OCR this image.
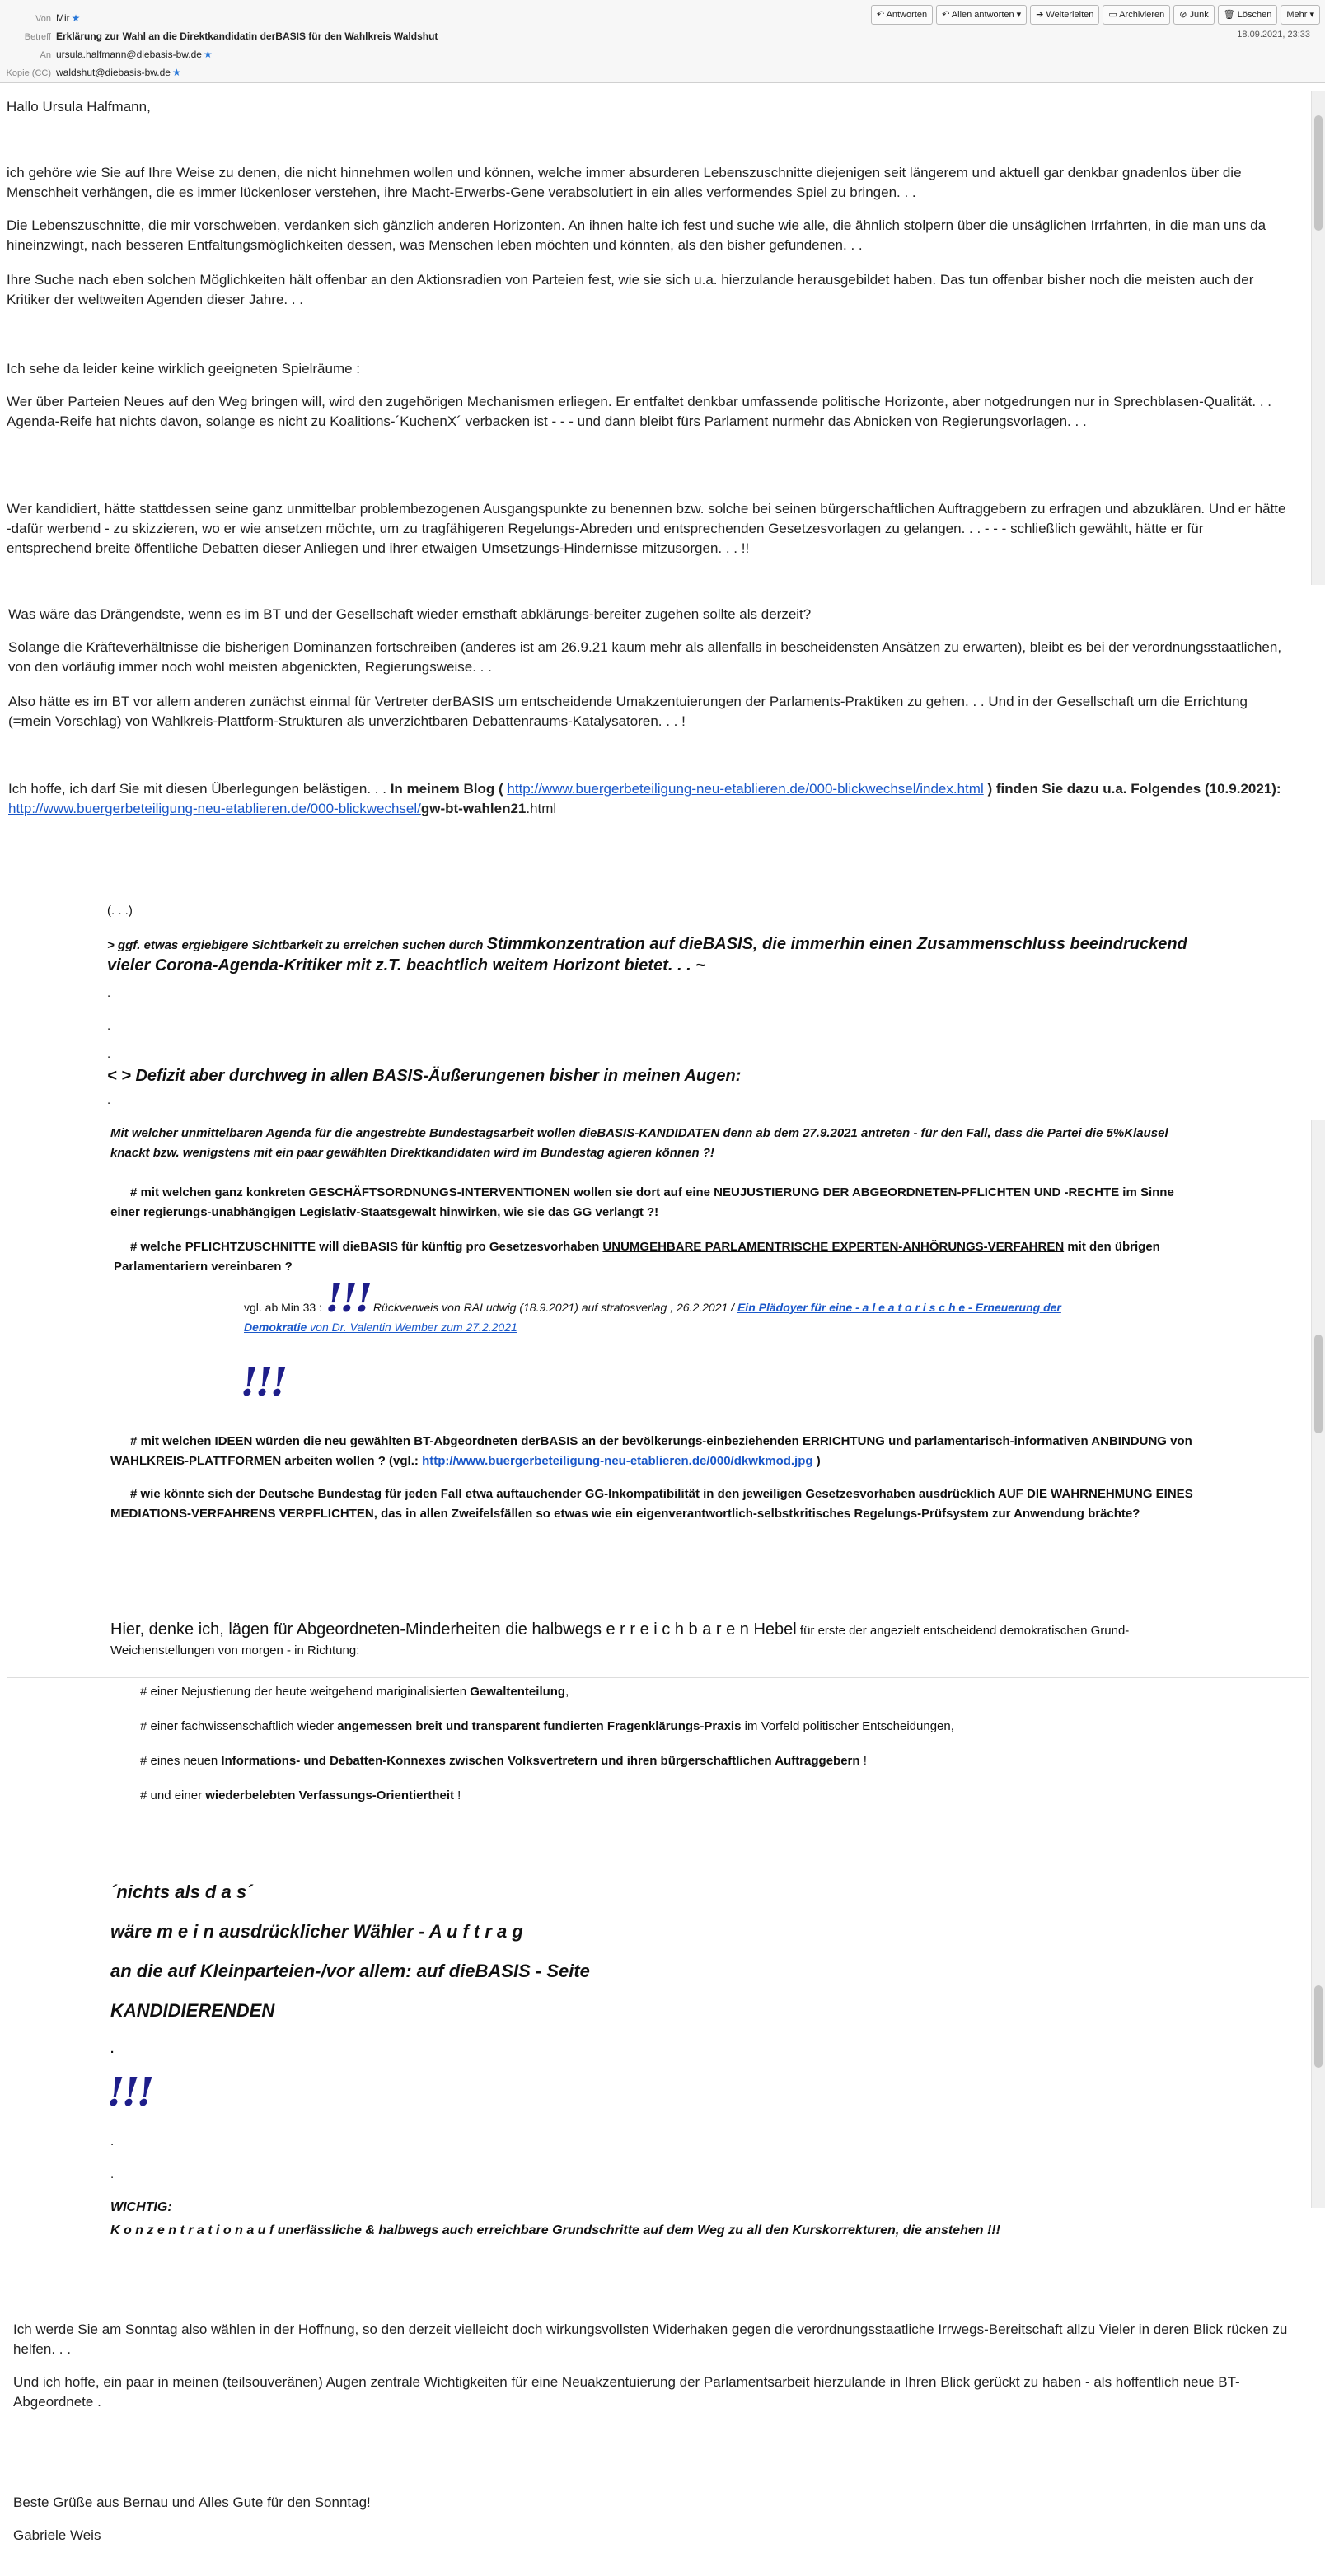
Von Mir ★
Betreff Erklärung zur Wahl an die Direktkandidatin derBASIS für den Wahlkreis Waldshut
An ursula.halfmann@diebasis-bw.de ★
Kopie (CC) waldshut@diebasis-bw.de ★
↶ Antworten	↶ Allen antworten ▾	➔ Weiterleiten	▭ Archivieren	⊘ Junk	🗑 Löschen	Mehr ▾
18.09.2021, 23:33
Hallo Ursula Halfmann,
ich gehöre wie Sie auf Ihre Weise zu denen, die nicht hinnehmen wollen und können, welche immer absurderen Lebenszuschnitte diejenigen seit längerem und aktuell gar denkbar gnadenlos über die Menschheit verhängen, die es immer lückenloser verstehen, ihre Macht-Erwerbs-Gene verabsolutiert in ein alles verformendes Spiel zu bringen. . .
Die Lebenszuschnitte, die mir vorschweben, verdanken sich gänzlich anderen Horizonten. An ihnen halte ich fest und suche wie alle, die ähnlich stolpern über die unsäglichen Irrfahrten, in die man uns da hineinzwingt, nach besseren Entfaltungsmöglichkeiten dessen, was Menschen leben möchten und könnten, als den bisher gefundenen. . .
Ihre Suche nach eben solchen Möglichkeiten hält offenbar an den Aktionsradien von Parteien fest, wie sie sich u.a. hierzulande herausgebildet haben. Das tun offenbar bisher noch die meisten auch der Kritiker der weltweiten Agenden dieser Jahre. . .
Ich sehe da leider keine wirklich geeigneten Spielräume :
Wer über Parteien Neues auf den Weg bringen will, wird den zugehörigen Mechanismen erliegen. Er entfaltet denkbar umfassende politische Horizonte, aber notgedrungen nur in Sprechblasen-Qualität. . . Agenda-Reife hat nichts davon, solange es nicht zu Koalitions-´KuchenX´ verbacken ist - - - und dann bleibt fürs Parlament nurmehr das Abnicken von Regierungsvorlagen. . .
Wer kandidiert, hätte stattdessen seine ganz unmittelbar problembezogenen Ausgangspunkte zu benennen bzw. solche bei seinen bürgerschaftlichen Auftraggebern zu erfragen und abzuklären. Und er hätte -dafür werbend - zu skizzieren, wo er wie ansetzen möchte, um zu tragfähigeren Regelungs-Abreden und entsprechenden Gesetzesvorlagen zu gelangen. . . - - - schließlich gewählt, hätte er für entsprechend breite öffentliche Debatten dieser Anliegen und ihrer etwaigen Umsetzungs-Hindernisse mitzusorgen. . . !!
Was wäre das Drängendste, wenn es im BT und der Gesellschaft wieder ernsthaft abklärungs-bereiter zugehen sollte als derzeit?
Solange die Kräfteverhältnisse die bisherigen Dominanzen fortschreiben (anderes ist am 26.9.21 kaum mehr als allenfalls in bescheidensten Ansätzen zu erwarten), bleibt es bei der verordnungsstaatlichen, von den vorläufig immer noch wohl meisten abgenickten, Regierungsweise. . .
Also hätte es im BT vor allem anderen zunächst einmal für Vertreter derBASIS um entscheidende Umakzentuierungen der Parlaments-Praktiken zu gehen. . . Und in der Gesellschaft um die Errichtung (=mein Vorschlag) von Wahlkreis-Plattform-Strukturen als unverzichtbaren Debattenraums-Katalysatoren. . . !
Ich hoffe, ich darf Sie mit diesen Überlegungen belästigen. . . In meinem Blog ( http://www.buergerbeteiligung-neu-etablieren.de/000-blickwechsel/index.html ) finden Sie dazu u.a. Folgendes (10.9.2021): http://www.buergerbeteiligung-neu-etablieren.de/000-blickwechsel/gw-bt-wahlen21.html
(. . .)
> ggf. etwas ergiebigere Sichtbarkeit zu erreichen suchen durch Stimmkonzentration auf dieBASIS, die immerhin einen Zusammenschluss beeindruckend vieler Corona-Agenda-Kritiker mit z.T. beachtlich weitem Horizont bietet. . . ~
.
.
.
< > Defizit aber durchweg in allen BASIS-Äußerungenen bisher in meinen Augen:
.
Mit welcher unmittelbaren Agenda für die angestrebte Bundestagsarbeit wollen dieBASIS-KANDIDATEN denn ab dem 27.9.2021 antreten - für den Fall, dass die Partei die 5%Klausel knackt bzw. wenigstens mit ein paar gewählten Direktkandidaten wird im Bundestag agieren können ?!
# mit welchen ganz konkreten GESCHÄFTSORDNUNGS-INTERVENTIONEN wollen sie dort auf eine NEUJUSTIERUNG DER ABGEORDNETEN-PFLICHTEN UND -RECHTE im Sinne einer regierungs-unabhängigen Legislativ-Staatsgewalt hinwirken, wie sie das GG verlangt ?!
# welche PFLICHTZUSCHNITTE will dieBASIS für künftig pro Gesetzesvorhaben UNUMGEHBARE PARLAMENTRISCHE EXPERTEN-ANHÖRUNGS-VERFAHREN mit den übrigen Parlamentariern vereinbaren ?
vgl. ab Min 33 : !!! Rückverweis von RALudwig (18.9.2021) auf stratosverlag , 26.2.2021 / Ein Plädoyer für eine - a l e a t o r i s c h e - Erneuerung der Demokratie von Dr. Valentin Wember zum 27.2.2021
!!!
# mit welchen IDEEN würden die neu gewählten BT-Abgeordneten derBASIS an der bevölkerungs-einbeziehenden ERRICHTUNG und parlamentarisch-informativen ANBINDUNG von WAHLKREIS-PLATTFORMEN arbeiten wollen ? (vgl.: http://www.buergerbeteiligung-neu-etablieren.de/000/dkwkmod.jpg )
# wie könnte sich der Deutsche Bundestag für jeden Fall etwa auftauchender GG-Inkompatibilität in den jeweiligen Gesetzesvorhaben ausdrücklich AUF DIE WAHRNEHMUNG EINES MEDIATIONS-VERFAHRENS VERPFLICHTEN, das in allen Zweifelsfällen so etwas wie ein eigenverantwortlich-selbstkritisches Regelungs-Prüfsystem zur Anwendung brächte?
Hier, denke ich, lägen für Abgeordneten-Minderheiten die halbwegs e r r e i c h b a r e n Hebel für erste der angezielt entscheidend demokratischen Grund-Weichenstellungen von morgen - in Richtung:
# einer Nejustierung der heute weitgehend mariginalisierten Gewaltenteilung,
# einer fachwissenschaftlich wieder angemessen breit und transparent fundierten Fragenklärungs-Praxis im Vorfeld politischer Entscheidungen,
# eines neuen Informations- und Debatten-Konnexes zwischen Volksvertretern und ihren bürgerschaftlichen Auftraggebern !
# und einer wiederbelebten Verfassungs-Orientiertheit !
´nichts als d a s´
wäre m e i n ausdrücklicher Wähler - A u f t r a g
an die auf Kleinparteien-/vor allem: auf dieBASIS - Seite
KANDIDIERENDEN
.
!!!
.
.
WICHTIG:
K o n z e n t r a t i o n a u f unerlässliche & halbwegs auch erreichbare Grundschritte auf dem Weg zu all den Kurskorrekturen, die anstehen !!!
Ich werde Sie am Sonntag also wählen in der Hoffnung, so den derzeit vielleicht doch wirkungsvollsten Widerhaken gegen die verordnungsstaatliche Irrwegs-Bereitschaft allzu Vieler in deren Blick rücken zu helfen. . .
Und ich hoffe, ein paar in meinen (teilsouveränen) Augen zentrale Wichtigkeiten für eine Neuakzentuierung der Parlamentsarbeit hierzulande in Ihren Blick gerückt zu haben - als hoffentlich neue BT-Abgeordnete .
Beste Grüße aus Bernau und Alles Gute für den Sonntag!
Gabriele Weis
